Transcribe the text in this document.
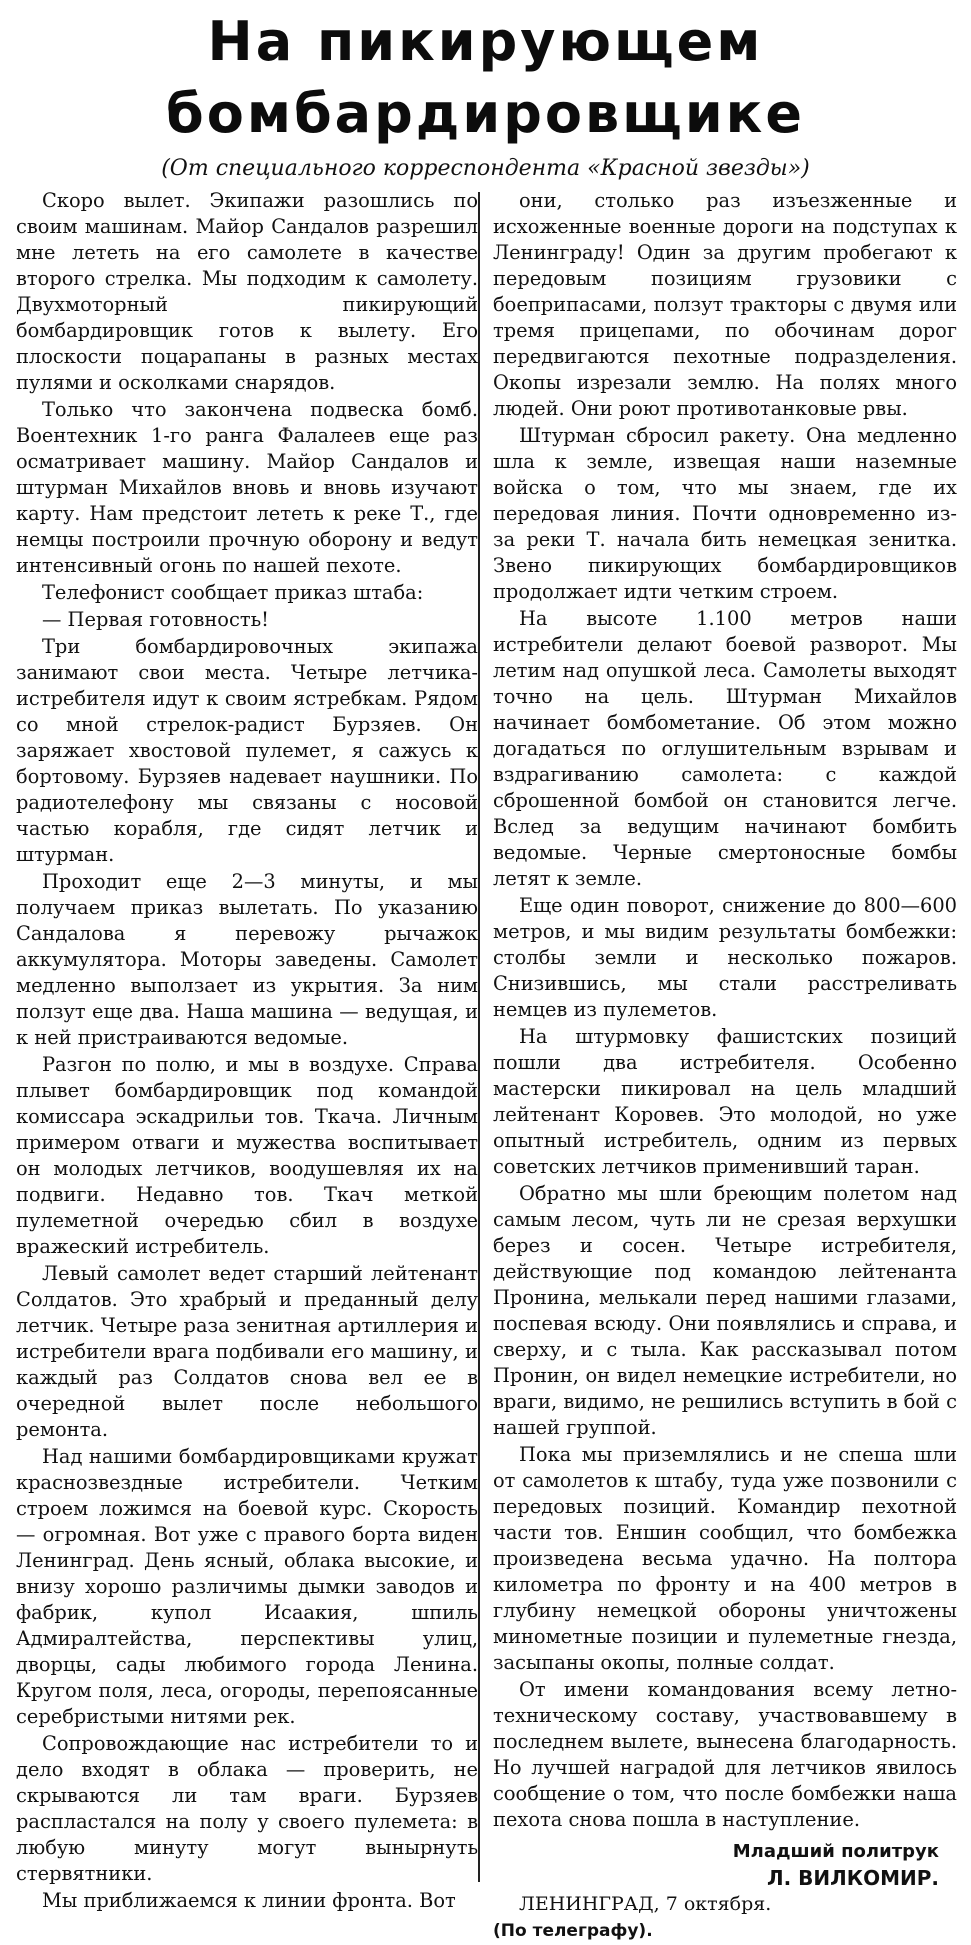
На пикирующем
бомбардировщике
(От специального корреспондента «Красной звезды»)

Скоро вылет. Экипажи разошлись по своим машинам. Майор Сандалов разрешил мне лететь на его самолете в качестве второго стрелка. Мы подходим к самолету. Двухмоторный пикирующий бомбардировщик готов к вылету. Его плоскости поцарапаны в разных местах пулями и осколками снарядов.

Только что закончена подвеска бомб. Воентехник 1-го ранга Фалалеев еще раз осматривает машину. Майор Сандалов и штурман Михайлов вновь и вновь изучают карту. Нам предстоит лететь к реке Т., где немцы построили прочную оборону и ведут интенсивный огонь по нашей пехоте.

Телефонист сообщает приказ штаба:

— Первая готовность!

Три бомбардировочных экипажа занимают свои места. Четыре летчика-истребителя идут к своим ястребкам. Рядом со мной стрелок-радист Бурзяев. Он заряжает хвостовой пулемет, я сажусь к бортовому. Бурзяев надевает наушники. По радиотелефону мы связаны с носовой частью корабля, где сидят летчик и штурман.

Проходит еще 2—3 минуты, и мы получаем приказ вылетать. По указанию Сандалова я перевожу рычажок аккумулятора. Моторы заведены. Самолет медленно выползает из укрытия. За ним ползут еще два. Наша машина — ведущая, и к ней пристраиваются ведомые.

Разгон по полю, и мы в воздухе. Справа плывет бомбардировщик под командой комиссара эскадрильи тов. Ткача. Личным примером отваги и мужества воспитывает он молодых летчиков, воодушевляя их на подвиги. Недавно тов. Ткач меткой пулеметной очередью сбил в воздухе вражеский истребитель.

Левый самолет ведет старший лейтенант Солдатов. Это храбрый и преданный делу летчик. Четыре раза зенитная артиллерия и истребители врага подбивали его машину, и каждый раз Солдатов снова вел ее в очередной вылет после небольшого ремонта.

Над нашими бомбардировщиками кружат краснозвездные истребители. Четким строем ложимся на боевой курс. Скорость — огромная. Вот уже с правого борта виден Ленинград. День ясный, облака высокие, и внизу хорошо различимы дымки заводов и фабрик, купол Исаакия, шпиль Адмиралтейства, перспективы улиц, дворцы, сады любимого города Ленина. Кругом поля, леса, огороды, перепоясанные серебристыми нитями рек.

Сопровождающие нас истребители то и дело входят в облака — проверить, не скрываются ли там враги. Бурзяев распластался на полу у своего пулемета: в любую минуту могут вынырнуть стервятники.

Мы приближаемся к линии фронта. Вот

они, столько раз изъезженные и исхоженные военные дороги на подступах к Ленинграду! Один за другим пробегают к передовым позициям грузовики с боеприпасами, ползут тракторы с двумя или тремя прицепами, по обочинам дорог передвигаются пехотные подразделения. Окопы изрезали землю. На полях много людей. Они роют противотанковые рвы.

Штурман сбросил ракету. Она медленно шла к земле, извещая наши наземные войска о том, что мы знаем, где их передовая линия. Почти одновременно из-за реки Т. начала бить немецкая зенитка. Звено пикирующих бомбардировщиков продолжает идти четким строем.

На высоте 1.100 метров наши истребители делают боевой разворот. Мы летим над опушкой леса. Самолеты выходят точно на цель. Штурман Михайлов начинает бомбометание. Об этом можно догадаться по оглушительным взрывам и вздрагиванию самолета: с каждой сброшенной бомбой он становится легче. Вслед за ведущим начинают бомбить ведомые. Черные смертоносные бомбы летят к земле.

Еще один поворот, снижение до 800—600 метров, и мы видим результаты бомбежки: столбы земли и несколько пожаров. Снизившись, мы стали расстреливать немцев из пулеметов.

На штурмовку фашистских позиций пошли два истребителя. Особенно мастерски пикировал на цель младший лейтенант Коровев. Это молодой, но уже опытный истребитель, одним из первых советских летчиков применивший таран.

Обратно мы шли бреющим полетом над самым лесом, чуть ли не срезая верхушки берез и сосен. Четыре истребителя, действующие под командою лейтенанта Пронина, мелькали перед нашими глазами, поспевая всюду. Они появлялись и справа, и сверху, и с тыла. Как рассказывал потом Пронин, он видел немецкие истребители, но враги, видимо, не решились вступить в бой с нашей группой.

Пока мы приземлялись и не спеша шли от самолетов к штабу, туда уже позвонили с передовых позиций. Командир пехотной части тов. Еншин сообщил, что бомбежка произведена весьма удачно. На полтора километра по фронту и на 400 метров в глубину немецкой обороны уничтожены минометные позиции и пулеметные гнезда, засыпаны окопы, полные солдат.

От имени командования всему летно-техническому составу, участвовавшему в последнем вылете, вынесена благодарность. Но лучшей наградой для летчиков явилось сообщение о том, что после бомбежки наша пехота снова пошла в наступление.

Младший политрук
Л. ВИЛКОМИР.

ЛЕНИНГРАД, 7 октября.

(По телеграфу).
